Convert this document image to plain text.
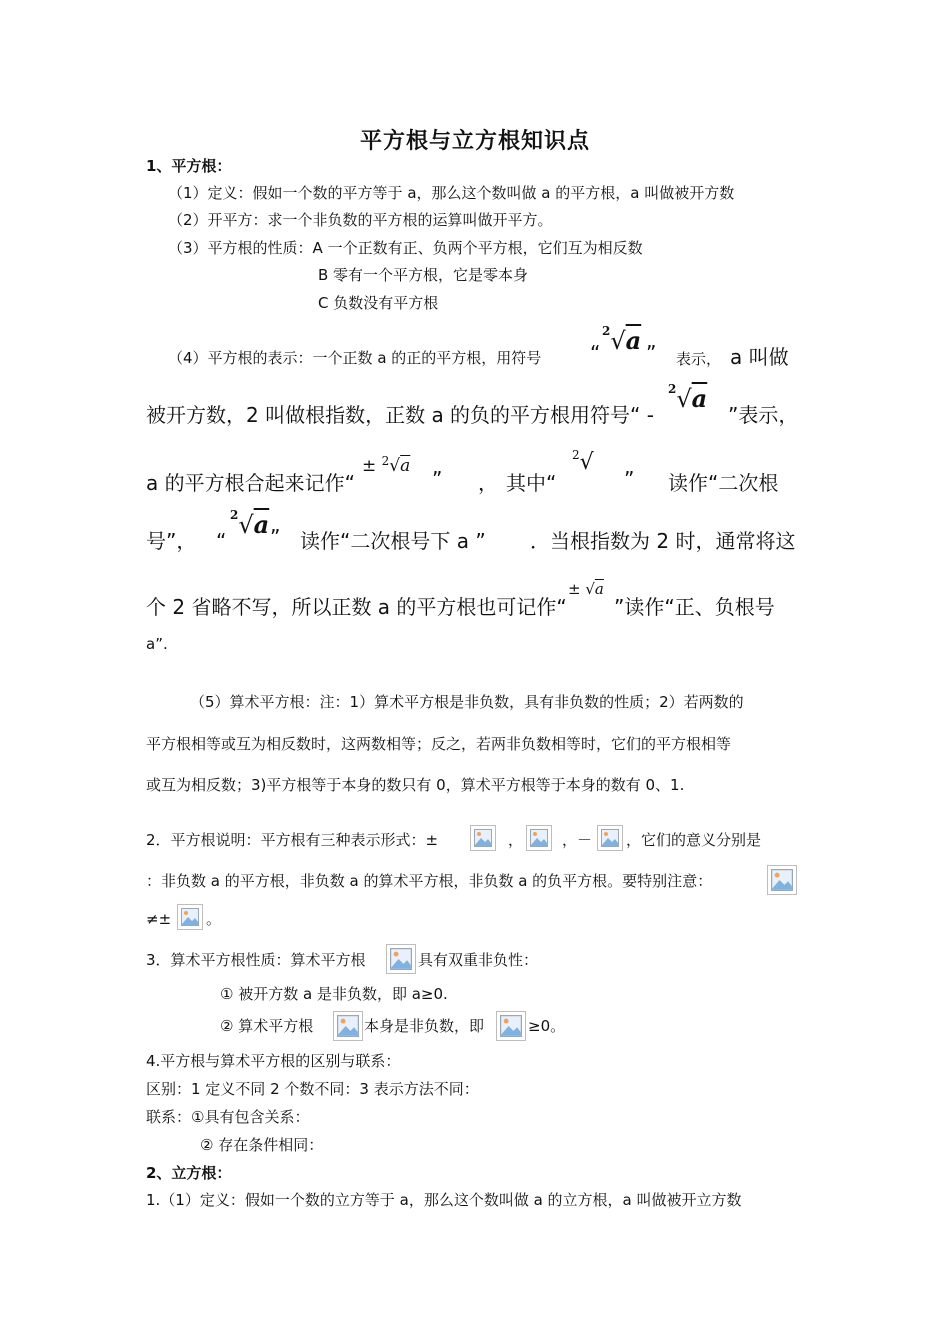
平方根与立方根知识点
1、平方根：
（1）定义：假如一个数的平方等于 a，那么这个数叫做 a 的平方根，a 叫做被开方数
（2）开平方：求一个非负数的平方根的运算叫做开平方。
（3）平方根的性质：A 一个正数有正、负两个平方根，它们互为相反数
B 零有一个平方根，它是零本身
C 负数没有平方根
（4）平方根的表示：一个正数 a 的正的平方根，用符号 “
$^2$√a ” 表示， a 叫做
被开方数，2 叫做根指数，正数 a 的负的平方根用符号“ -
$^2$√a
”表示，
a 的平方根合起来记作“
± $^2$√a
” ， 其中“
$^2$√
” 读作“二次根
号”， “
$^2$√a ” 读作“二次根号下 a ” ．当根指数为 2 时，通常将这
个 2 省略不写，所以正数 a 的平方根也可记作“
± √a
”读作“正、负根号
a”.
（5）算术平方根：注：1）算术平方根是非负数，具有非负数的性质；2）若两数的
平方根相等或互为相反数时，这两数相等；反之，若两非负数相等时，它们的平方根相等
或互为相反数；3)平方根等于本身的数只有 0，算术平方根等于本身的数有 0、1.
2．平方根说明：平方根有三种表示形式：±	，	，－ ，它们的意义分别是
：非负数 a 的平方根，非负数 a 的算术平方根，非负数 a 的负平方根。要特别注意：
≠± 。
3．算术平方根性质：算术平方根	具有双重非负性：
① 被开方数 a 是非负数，即 a≥0.
② 算术平方根	本身是非负数，即	≥0。
4.平方根与算术平方根的区别与联系：
区别：1 定义不同 2 个数不同：3 表示方法不同：
联系：①具有包含关系：
② 存在条件相同：
2、立方根：
1.（1）定义：假如一个数的立方等于 a，那么这个数叫做 a 的立方根，a 叫做被开立方数
